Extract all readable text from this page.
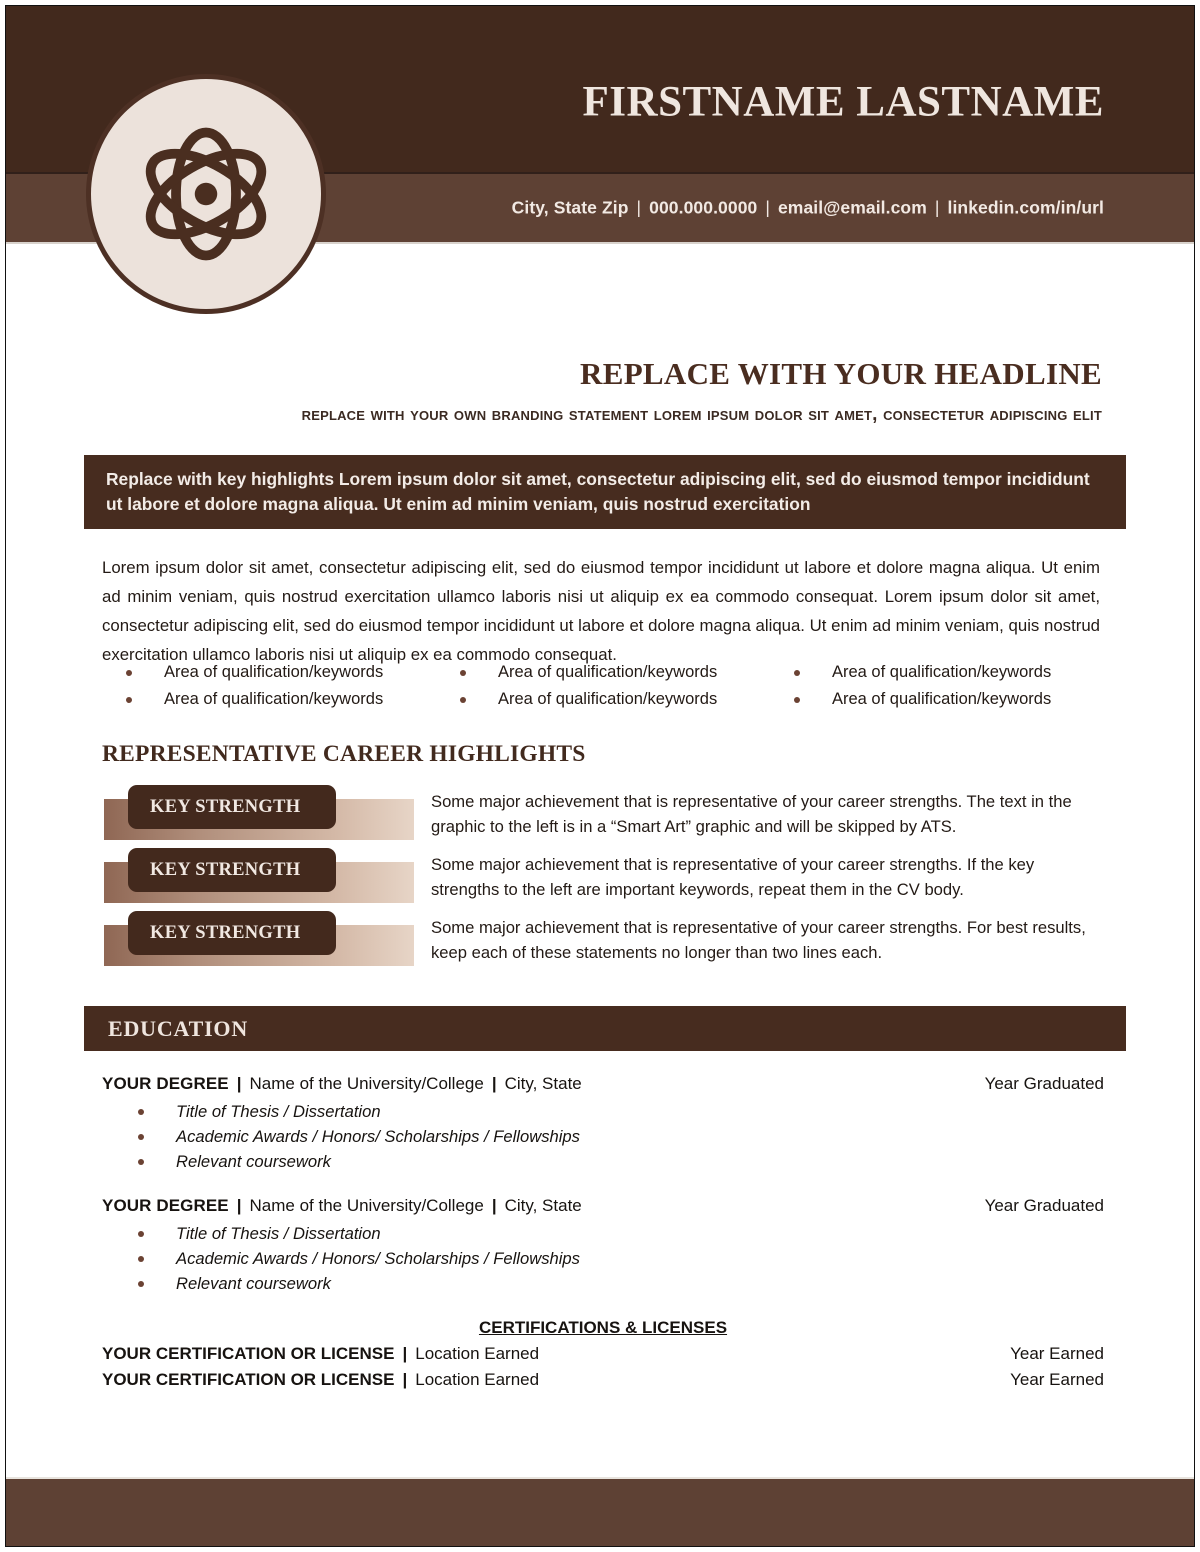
FIRSTNAME LASTNAME
City, State Zip | 000.000.0000 | email@email.com | linkedin.com/in/url
REPLACE WITH YOUR HEADLINE
replace with your own branding statement lorem ipsum dolor sit amet, consectetur adipiscing elit
Replace with key highlights Lorem ipsum dolor sit amet, consectetur adipiscing elit, sed do eiusmod tempor incididunt ut labore et dolore magna aliqua. Ut enim ad minim veniam, quis nostrud exercitation
Lorem ipsum dolor sit amet, consectetur adipiscing elit, sed do eiusmod tempor incididunt ut labore et dolore magna aliqua. Ut enim ad minim veniam, quis nostrud exercitation ullamco laboris nisi ut aliquip ex ea commodo consequat. Lorem ipsum dolor sit amet, consectetur adipiscing elit, sed do eiusmod tempor incididunt ut labore et dolore magna aliqua. Ut enim ad minim veniam, quis nostrud exercitation ullamco laboris nisi ut aliquip ex ea commodo consequat.
Area of qualification/keywords	Area of qualification/keywords	Area of qualification/keywords
Area of qualification/keywords	Area of qualification/keywords	Area of qualification/keywords
REPRESENTATIVE CAREER HIGHLIGHTS
KEY STRENGTH	Some major achievement that is representative of your career strengths. The text in the graphic to the left is in a “Smart Art” graphic and will be skipped by ATS.
KEY STRENGTH	Some major achievement that is representative of your career strengths. If the key strengths to the left are important keywords, repeat them in the CV body.
KEY STRENGTH	Some major achievement that is representative of your career strengths. For best results, keep each of these statements no longer than two lines each.
EDUCATION
YOUR DEGREE | Name of the University/College | City, State	Year Graduated
Title of Thesis / Dissertation
Academic Awards / Honors/ Scholarships / Fellowships
Relevant coursework
YOUR DEGREE | Name of the University/College | City, State	Year Graduated
Title of Thesis / Dissertation
Academic Awards / Honors/ Scholarships / Fellowships
Relevant coursework
CERTIFICATIONS & LICENSES
YOUR CERTIFICATION OR LICENSE | Location Earned	Year Earned
YOUR CERTIFICATION OR LICENSE | Location Earned	Year Earned
